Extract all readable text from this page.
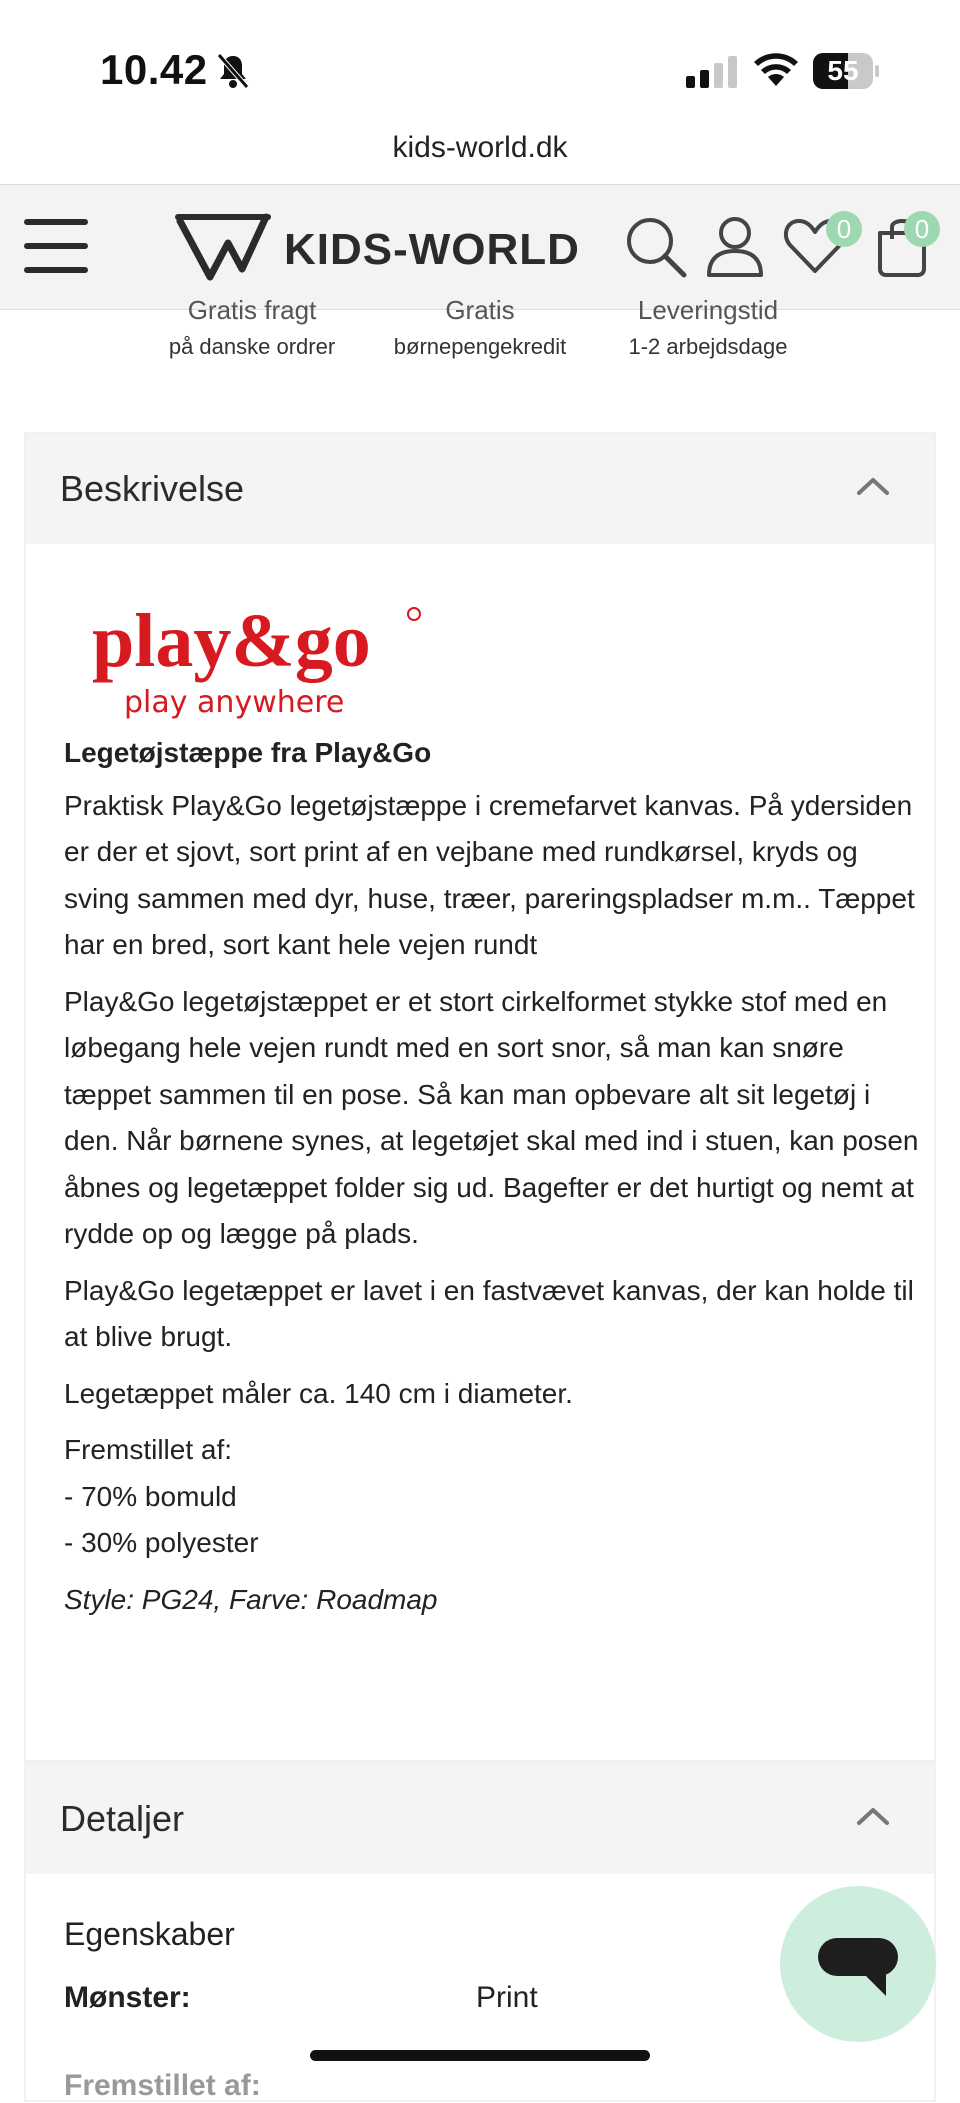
10.42	55
kids-world.dk
KIDS-WORLD	0	0
Gratis fragt
på danske ordrer
Gratis
børnepengekredit
Leveringstid
1-2 arbejdsdage
Beskrivelse
play&go
play anywhere

Legetøjstæppe fra Play&Go

Praktisk Play&Go legetøjstæppe i cremefarvet kanvas. På ydersiden er der et sjovt, sort print af en vejbane med rundkørsel, kryds og sving sammen med dyr, huse, træer, pareringspladser m.m.. Tæppet har en bred, sort kant hele vejen rundt

Play&Go legetøjstæppet er et stort cirkelformet stykke stof med en løbegang hele vejen rundt med en sort snor, så man kan snøre tæppet sammen til en pose. Så kan man opbevare alt sit legetøj i den. Når børnene synes, at legetøjet skal med ind i stuen, kan posen åbnes og legetæppet folder sig ud. Bagefter er det hurtigt og nemt at rydde op og lægge på plads.

Play&Go legetæppet er lavet i en fastvævet kanvas, der kan holde til at blive brugt.

Legetæppet måler ca. 140 cm i diameter.

Fremstillet af:

- 70% bomuld

- 30% polyester

Style: PG24, Farve: Roadmap

Detaljer
Egenskaber
Mønster:	Print
Fremstillet af:
